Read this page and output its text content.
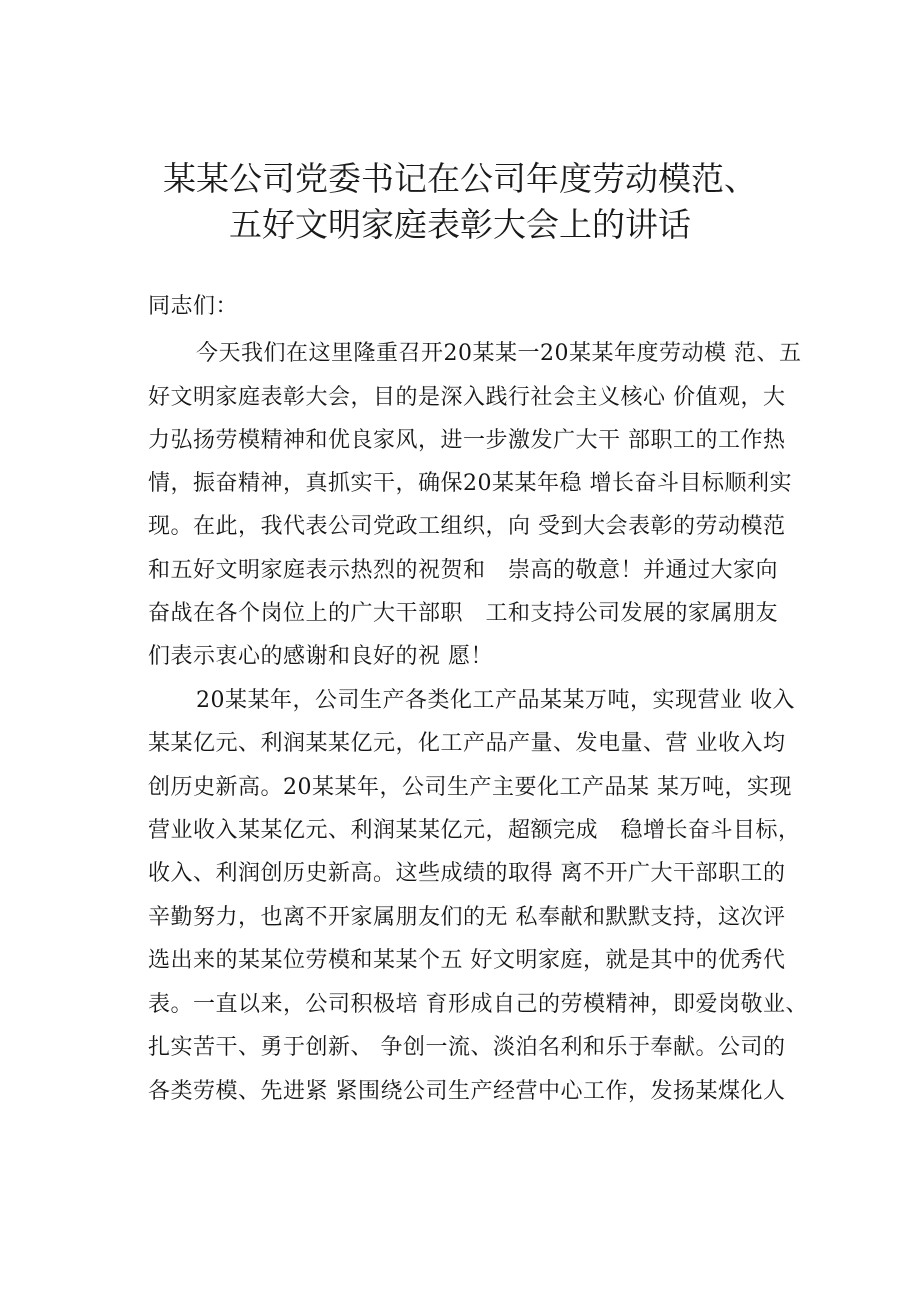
某某公司党委书记在公司年度劳动模范、
五好文明家庭表彰大会上的讲话
同志们：
今天我们在这里隆重召开20某某一20某某年度劳动模 范、五
好文明家庭表彰大会，目的是深入践行社会主义核心 价值观，大
力弘扬劳模精神和优良家风，进一步激发广大干 部职工的工作热
情，振奋精神，真抓实干，确保20某某年稳 增长奋斗目标顺利实
现。在此，我代表公司党政工组织，向 受到大会表彰的劳动模范
和五好文明家庭表示热烈的祝贺和   崇高的敬意！并通过大家向
奋战在各个岗位上的广大干部职   工和支持公司发展的家属朋友
们表示衷心的感谢和良好的祝 愿！
20某某年，公司生产各类化工产品某某万吨，实现营业 收入
某某亿元、利润某某亿元，化工产品产量、发电量、营 业收入均
创历史新高。20某某年，公司生产主要化工产品某 某万吨，实现
营业收入某某亿元、利润某某亿元，超额完成   稳增长奋斗目标，
收入、利润创历史新高。这些成绩的取得 离不开广大干部职工的
辛勤努力，也离不开家属朋友们的无 私奉献和默默支持，这次评
选出来的某某位劳模和某某个五 好文明家庭，就是其中的优秀代
表。一直以来，公司积极培 育形成自己的劳模精神，即爱岗敬业、
扎实苦干、勇于创新、 争创一流、淡泊名利和乐于奉献。公司的
各类劳模、先进紧 紧围绕公司生产经营中心工作，发扬某煤化人
